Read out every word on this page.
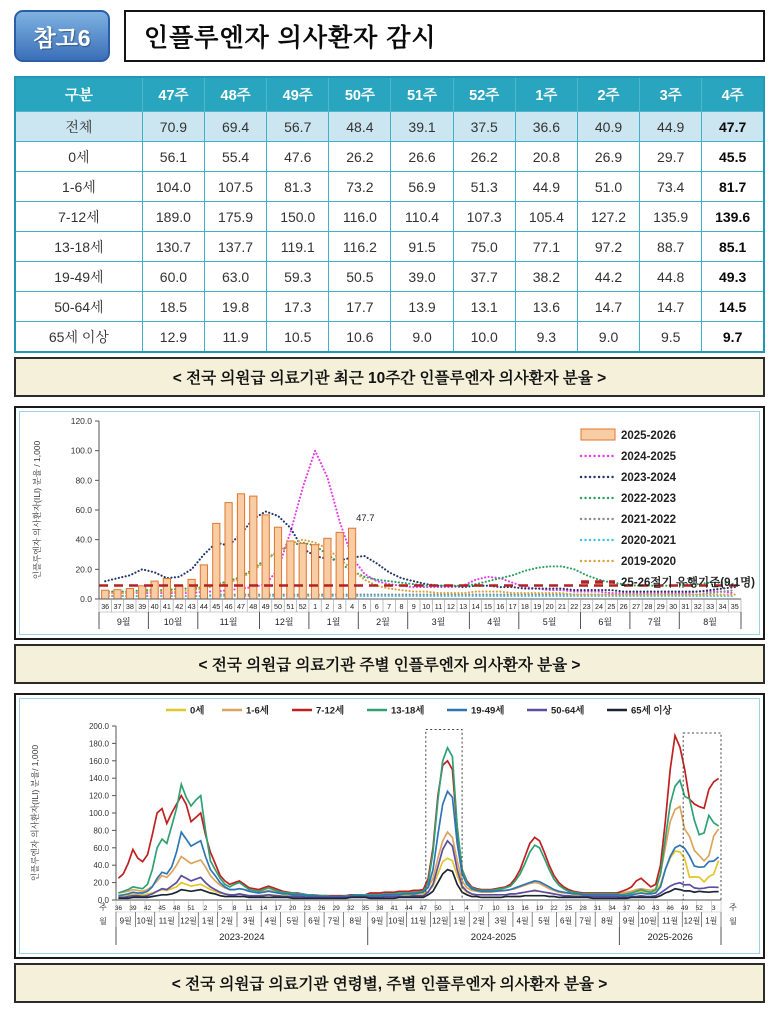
참고6	인플루엔자 의사환자 감시
구분	47주	48주	49주	50주	51주	52주	1주	2주	3주	4주
전체	70.9	69.4	56.7	48.4	39.1	37.5	36.6	40.9	44.9	47.7
0세	56.1	55.4	47.6	26.2	26.6	26.2	20.8	26.9	29.7	45.5
1-6세	104.0	107.5	81.3	73.2	56.9	51.3	44.9	51.0	73.4	81.7
7-12세	189.0	175.9	150.0	116.0	110.4	107.3	105.4	127.2	135.9	139.6
13-18세	130.7	137.7	119.1	116.2	91.5	75.0	77.1	97.2	88.7	85.1
19-49세	60.0	63.0	59.3	50.5	39.0	37.7	38.2	44.2	44.8	49.3
50-64세	18.5	19.8	17.3	17.7	13.9	13.1	13.6	14.7	14.7	14.5
65세 이상	12.9	11.9	10.5	10.6	9.0	10.0	9.3	9.0	9.5	9.7
< 전국 의원급 의료기관 최근 10주간 인플루엔자 의사환자 분율 >
0.0
20.0
40.0
60.0
80.0
100.0
120.0
인플루엔자 의사환자(ILI) 분율 / 1,000	47.7
36 37 38 39 40 41 42 43 44 45 46 47 48 49 50 51 52 1 2 3 4 5 6 7 8 9 10 11 12 13 14 15 16 17 18 19 20 21 22 23 24 25 26 27 28 29 30 31 32 33 34 35
9월	10월	11월	12월	1월	2월	3월	4월	5월	6월	7월	8월
2025-2026
2024-2025
2023-2024
2022-2023
2021-2022
2020-2021
2019-2020
25-26절기 유행기준(9.1명)
< 전국 의원급 의료기관 주별 인플루엔자 의사환자 분율 >
0세	1-6세	7-12세	13-18세	19-49세	50-64세	65세 이상
0.0
20.0
40.0
60.0
80.0
100.0
120.0
140.0
160.0
180.0
200.0
인플루엔자 의사환자(ILI) 분율/ 1,000
36 39 42 45 48 51 2 5 8 11 14 17 20 23 26 29 32 35 38 41 44 47 50 1 4 7 10 13 16 19 22 25 28 31 34 37 40 43 46 49 52 3
9월 10월 11월 12월 1월 2월 3월 4월 5월 6월 7월 8월 9월 10월 11월 12월 1월 2월 3월 4월 5월 6월 7월 8월 9월 10월 11월 12월 1월
2023-2024	2024-2025	2025-2026
주
월
주
월
< 전국 의원급 의료기관 연령별, 주별 인플루엔자 의사환자 분율 >
